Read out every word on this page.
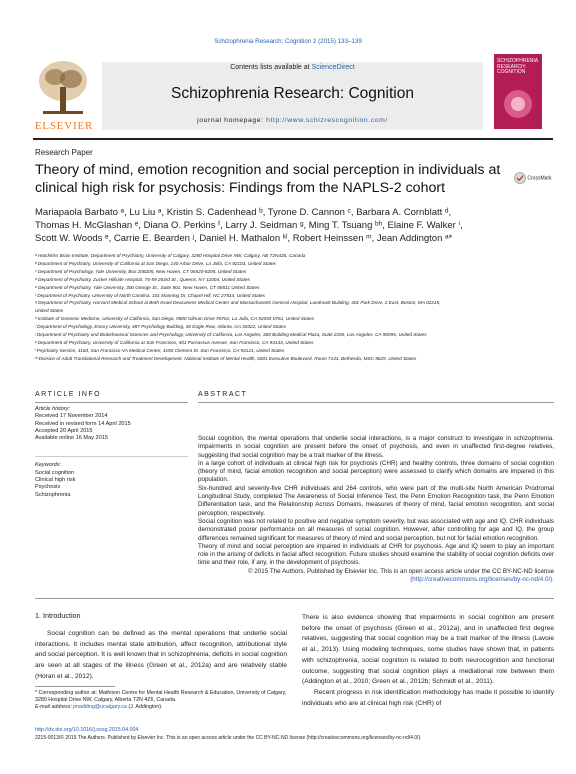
Schizophrenia Research: Cognition 2 (2015) 133–139
ELSEVIER
Contents lists available at ScienceDirect
Schizophrenia Research: Cognition
journal homepage: http://www.schizrescognition.com/
SCHIZOPHRENIA RESEARCH: COGNITION
Research Paper
Theory of mind, emotion recognition and social perception in individuals at clinical high risk for psychosis: Findings from the NAPLS-2 cohort
CrossMark
Mariapaola Barbato ᵃ, Lu Liu ᵃ, Kristin S. Cadenhead ᵇ, Tyrone D. Cannon ᶜ, Barbara A. Cornblatt ᵈ,
Thomas H. McGlashan ᵉ, Diana O. Perkins ᶠ, Larry J. Seidman ᵍ, Ming T. Tsuang ᵇʰ, Elaine F. Walker ⁱ,
Scott W. Woods ᵉ, Carrie E. Bearden ʲ, Daniel H. Mathalon ᵏˡ, Robert Heinssen ᵐ, Jean Addington ᵃ*
ᵃ Hotchkiss Brain Institute, Department of Psychiatry, University of Calgary, 3280 Hospital Drive NW, Calgary, AB T2N4Z6, Canada
ᵇ Department of Psychiatry, University of California at San Diego, 140 Arbor Drive, La Jolla, CA 92103, United States
ᶜ Department of Psychology, Yale University, Box 208205, New Haven, CT 06520-8205, United States
ᵈ Department of Psychiatry, Zucker Hillside Hospital, 75-59 263rd St., Queens, NY 11004, United States
ᵉ Department of Psychiatry, Yale University, 300 George St., Suite 901, New Haven, CT 06511 United States
ᶠ Department of Psychiatry, University of North Carolina, 101 Manning Dr, Chapel Hill, NC 27514, United States
ᵍ Department of Psychiatry, Harvard Medical School at Beth Israel Deaconess Medical Center and Massachusetts General Hospital, Landmark Building, 401 Park Drive, 2 East, Boston, MA 02215,
United States
ʰ Institute of Genomic Medicine, University of California, San Diego, 9500 Gilman Drive #0761, La Jolla, CA 92093-0761, United States
ⁱ Department of Psychology, Emory University, 487 Psychology Building, 36 Eagle Row, Atlanta, GA 30322, United States
ʲ Department of Psychiatry and Biobehavioral Sciences and Psychology, University of California, Los Angeles, 300 Building Medical Plaza, Suite 2265, Los Angeles, CA 90095, United States
ᵏ Department of Psychiatry, University of California at San Francisco, 401 Parnassus Avenue, San Francisco, CA 94143, United States
ˡ Psychiatry Service, 116d, San Francisco VA Medical Center, 4150 Clement St. San Francisco, CA 94121, United States
ᵐ Division of Adult Translational Research and Treatment Development, National Institute of Mental Health, 6001 Executive Boulevard, Room 7141, Bethesda, MSC 9629, United States
ARTICLE INFO	ABSTRACT
Article history:
Received 17 November 2014
Received in revised form 14 April 2015
Accepted 20 April 2015
Available online 16 May 2015
Keywords:
Social cognition
Clinical high risk
Psychosis
Schizophrenia
Social cognition, the mental operations that underlie social interactions, is a major construct to investigate in schizophrenia. Impairments in social cognition are present before the onset of psychosis, and even in unaffected first-degree relatives, suggesting that social cognition may be a trait marker of the illness.
In a large cohort of individuals at clinical high risk for psychosis (CHR) and healthy controls, three domains of social cognition (theory of mind, facial emotion recognition and social perception) were assessed to clarify which domains are impaired in this population.
Six-hundred and seventy-five CHR individuals and 264 controls, who were part of the multi-site North American Prodromal Longitudinal Study, completed The Awareness of Social Inference Test, the Penn Emotion Recognition task, the Penn Emotion Differentiation task, and the Relationship Across Domains, measures of theory of mind, facial emotion recognition, and social perception, respectively.
Social cognition was not related to positive and negative symptom severity, but was associated with age and IQ. CHR individuals demonstrated poorer performance on all measures of social cognition. However, after controlling for age and IQ, the group differences remained significant for measures of theory of mind and social perception, but not for facial emotion recognition.
Theory of mind and social perception are impaired in individuals at CHR for psychosis. Age and IQ seem to play an important role in the arising of deficits in facial affect recognition. Future studies should examine the stability of social cognition deficits over time and their role, if any, in the development of psychosis.
© 2015 The Authors. Published by Elsevier Inc. This is an open access article under the CC BY-NC-ND license
(http://creativecommons.org/licenses/by-nc-nd/4.0/).
1. Introduction
Social cognition can be defined as the mental operations that underlie social interactions. It includes mental state attribution, affect recognition, attributional style and social perception. It is well known that in schizophrenia, deficits in social cognition are seen at all stages of the illness (Green et al., 2012a) and are relatively stable (Horan et al., 2012).
There is also evidence showing that impairments in social cognition are present before the onset of psychosis (Green et al., 2012a), and in unaffected first degree relatives, suggesting that social cognition may be a trait marker of the illness (Lavoie et al., 2013). Using modeling techniques, some studies have shown that, in patients with schizophrenia, social cognition is related to both neurocognition and functional outcome, suggesting that social cognition plays a mediational role between them (Addington et al., 2010; Green et al., 2012b; Schmidt et al., 2011).
Recent progress in risk identification methodology has made it possible to identify individuals who are at clinical high risk (CHR) of
* Corresponding author at: Mathison Centre for Mental Health Research & Education, University of Calgary, 3280 Hospital Drive NW, Calgary, Alberta T2N 4Z6, Canada.
E-mail address: jmadding@ucalgary.ca (J. Addington).
http://dx.doi.org/10.1016/j.scog.2015.04.004
2215-0013/© 2015 The Authors. Published by Elsevier Inc. This is an open access article under the CC BY-NC-ND license (http://creativecommons.org/licenses/by-nc-nd/4.0/).
